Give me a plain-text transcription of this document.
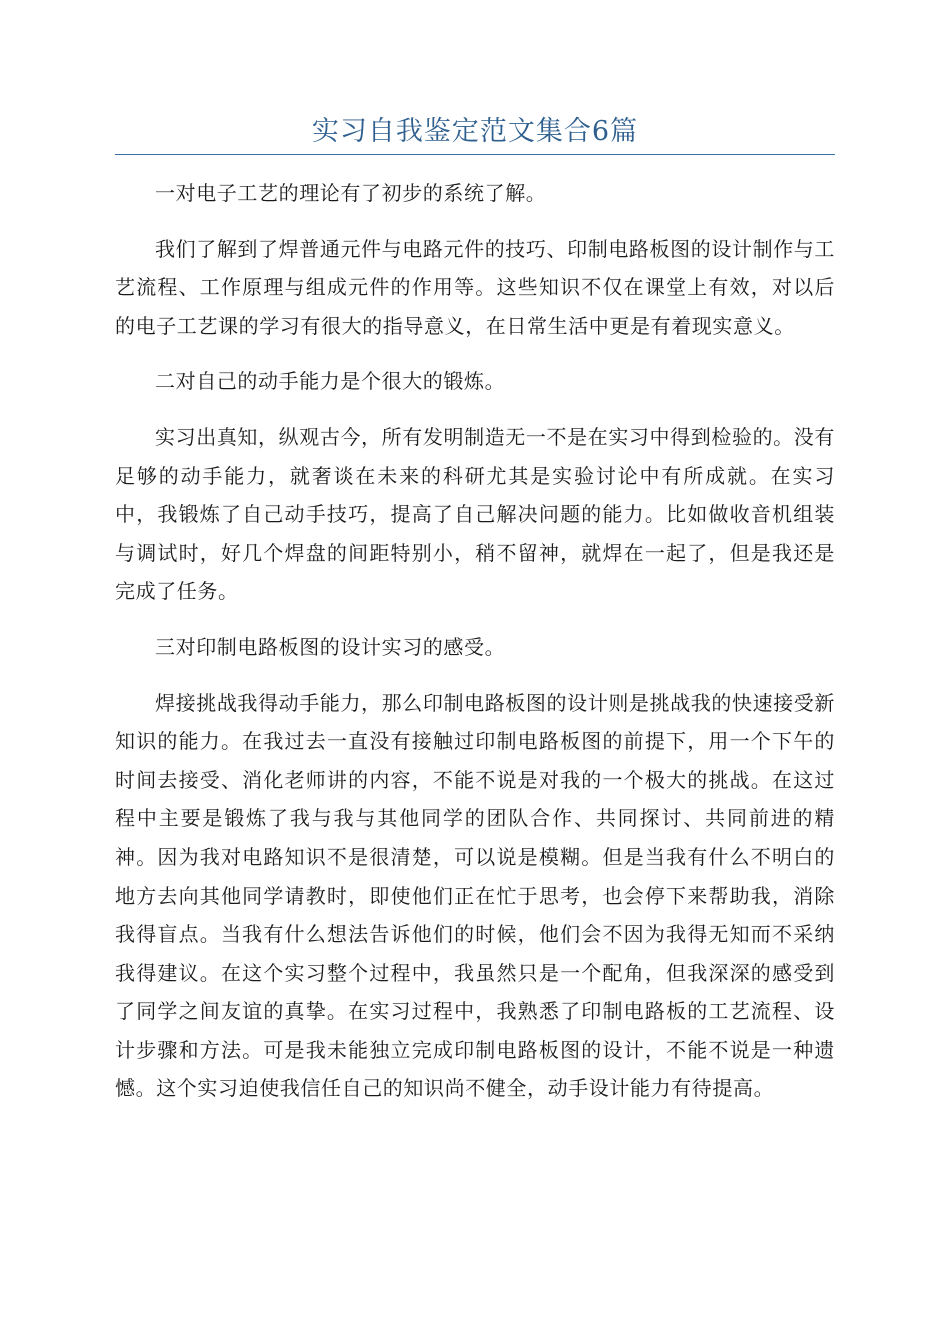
实习自我鉴定范文集合6篇

一对电子工艺的理论有了初步的系统了解。

我们了解到了焊普通元件与电路元件的技巧、印制电路板图的设计制作与工艺流程、工作原理与组成元件的作用等。这些知识不仅在课堂上有效，对以后的电子工艺课的学习有很大的指导意义，在日常生活中更是有着现实意义。

二对自己的动手能力是个很大的锻炼。

实习出真知，纵观古今，所有发明制造无一不是在实习中得到检验的。没有足够的动手能力，就奢谈在未来的科研尤其是实验讨论中有所成就。在实习中，我锻炼了自己动手技巧，提高了自己解决问题的能力。比如做收音机组装与调试时，好几个焊盘的间距特别小，稍不留神，就焊在一起了，但是我还是完成了任务。

三对印制电路板图的设计实习的感受。

焊接挑战我得动手能力，那么印制电路板图的设计则是挑战我的快速接受新知识的能力。在我过去一直没有接触过印制电路板图的前提下，用一个下午的时间去接受、消化老师讲的内容，不能不说是对我的一个极大的挑战。在这过程中主要是锻炼了我与我与其他同学的团队合作、共同探讨、共同前进的精神。因为我对电路知识不是很清楚，可以说是模糊。但是当我有什么不明白的地方去向其他同学请教时，即使他们正在忙于思考，也会停下来帮助我，消除我得盲点。当我有什么想法告诉他们的时候，他们会不因为我得无知而不采纳我得建议。在这个实习整个过程中，我虽然只是一个配角，但我深深的感受到了同学之间友谊的真挚。在实习过程中，我熟悉了印制电路板的工艺流程、设计步骤和方法。可是我未能独立完成印制电路板图的设计，不能不说是一种遗憾。这个实习迫使我信任自己的知识尚不健全，动手设计能力有待提高。
